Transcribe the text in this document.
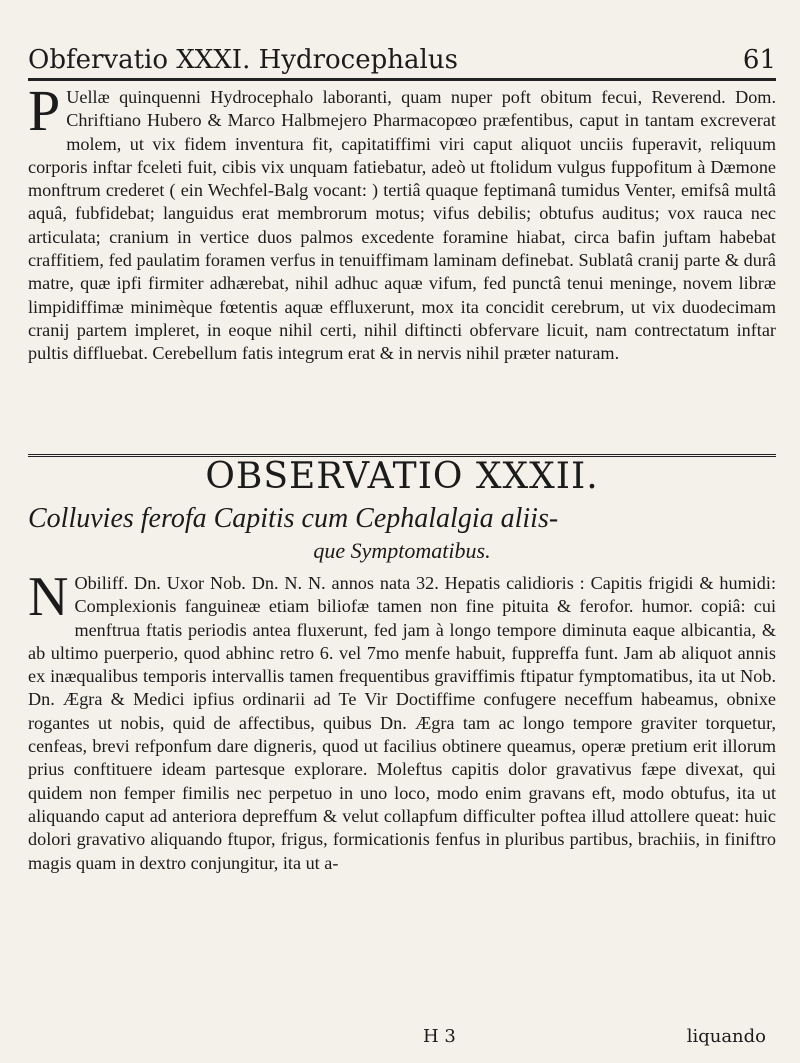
Obfervatio XXXI. Hydrocephalus	61
P Uellæ quinquenni Hydrocephalo laboranti, quam nuper poft obitum fecui, Reverend. Dom. Chriftiano Hubero & Marco Halbmejero Pharmacopœo præfentibus, caput in tantam excreverat molem, ut vix fidem inventura fit, capitatiffimi viri caput aliquot unciis fuperavit, reliquum corporis inftar fceleti fuit, cibis vix unquam fatiebatur, adeò ut ftolidum vulgus fuppofitum à Dæmone monftrum crederet ( ein Wechfel-Balg vocant: ) tertiâ quaque feptimanâ tumidus Venter, emifsâ multâ aquâ, fubfidebat; languidus erat membrorum motus; vifus debilis; obtufus auditus; vox rauca nec articulata; cranium in vertice duos palmos excedente foramine hiabat, circa bafin juftam habebat craffitiem, fed paulatim foramen verfus in tenuiffimam laminam definebat. Sublatâ cranij parte & durâ matre, quæ ipfi firmiter adhærebat, nihil adhuc aquæ vifum, fed punctâ tenui meninge, novem libræ limpidiffimæ minimèque fœtentis aquæ effluxerunt, mox ita concidit cerebrum, ut vix duodecimam cranij partem impleret, in eoque nihil certi, nihil diftincti obfervare licuit, nam contrectatum inftar pultis diffluebat. Cerebellum fatis integrum erat & in nervis nihil præter naturam.
OBSERVATIO XXXII.
Colluvies ferofa Capitis cum Cephalalgia aliis-
que Symptomatibus.
N Obiliff. Dn. Uxor Nob. Dn. N. N. annos nata 32. Hepatis calidioris : Capitis frigidi & humidi: Complexionis fanguineæ etiam biliofæ tamen non fine pituita & ferofor. humor. copiâ: cui menftrua ftatis periodis antea fluxerunt, fed jam à longo tempore diminuta eaque albicantia, & ab ultimo puerperio, quod abhinc retro 6. vel 7mo menfe habuit, fuppreffa funt. Jam ab aliquot annis ex inæqualibus temporis intervallis tamen frequentibus graviffimis ftipatur fymptomatibus, ita ut Nob. Dn. Ægra & Medici ipfius ordinarii ad Te Vir Doctiffime confugere neceffum habeamus, obnixe rogantes ut nobis, quid de affectibus, quibus Dn. Ægra tam ac longo tempore graviter torquetur, cenfeas, brevi refponfum dare digneris, quod ut facilius obtinere queamus, operæ pretium erit illorum prius conftituere ideam partesque explorare. Moleftus capitis dolor gravativus fæpe divexat, qui quidem non femper fimilis nec perpetuo in uno loco, modo enim gravans eft, modo obtufus, ita ut aliquando caput ad anteriora depreffum & velut collapfum difficulter poftea illud attollere queat: huic dolori gravativo aliquando ftupor, frigus, formicationis fenfus in pluribus partibus, brachiis, in finiftro magis quam in dextro conjungitur, ita ut a-
H 3	liquando
